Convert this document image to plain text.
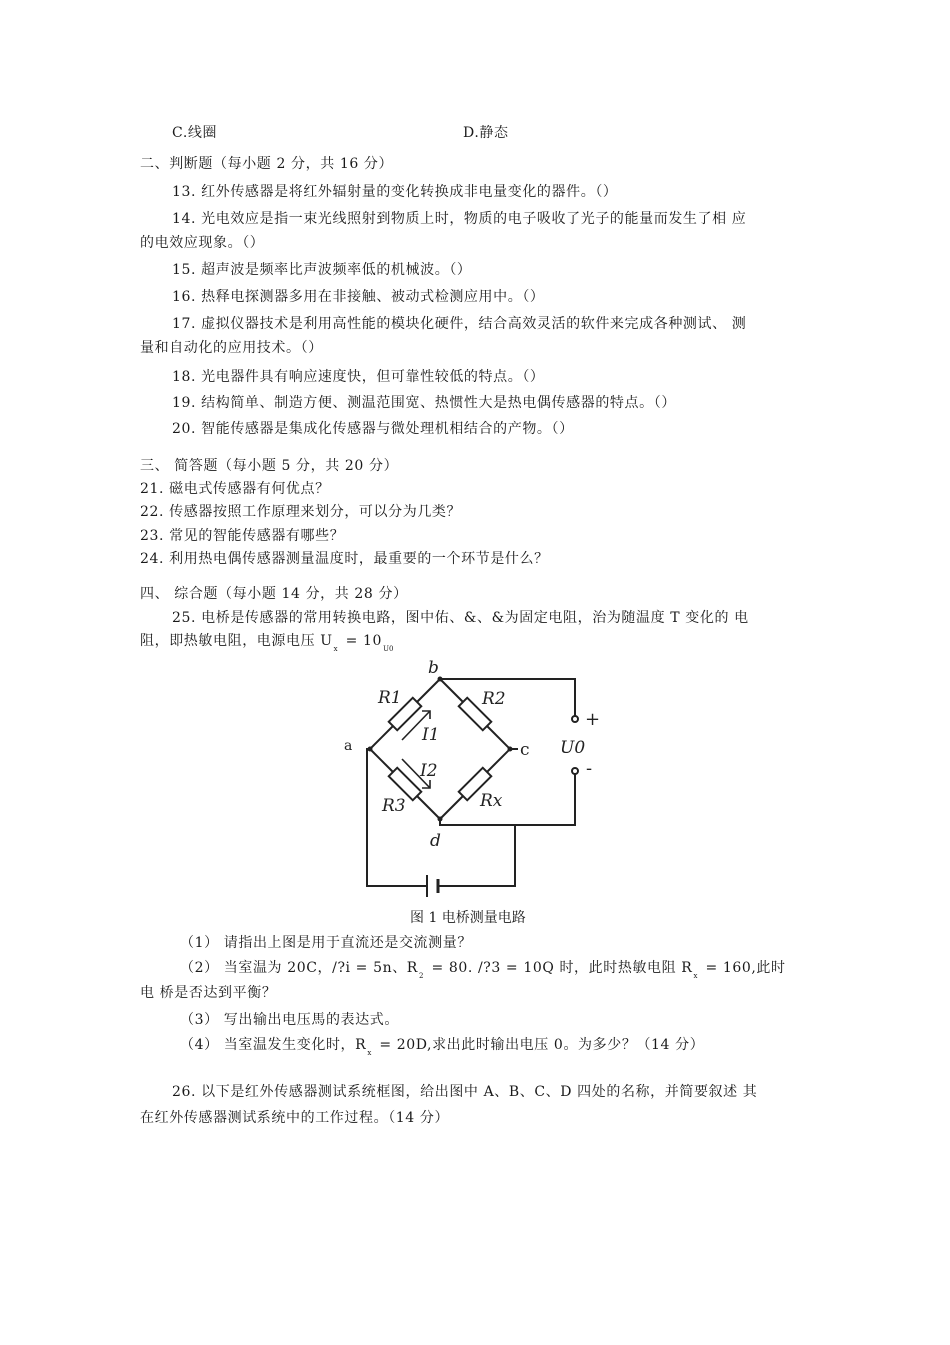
C.线圈	D.静态
二、判断题（每小题 2 分，共 16 分）
13. 红外传感器是将红外辐射量的变化转换成非电量变化的器件。（）
14. 光电效应是指一束光线照射到物质上时，物质的电子吸收了光子的能量而发生了相 应
的电效应现象。（）
15. 超声波是频率比声波频率低的机械波。（）
16. 热释电探测器多用在非接触、被动式检测应用中。（）
17. 虚拟仪器技术是利用高性能的模块化硬件，结合高效灵活的软件来完成各种测试、 测
量和自动化的应用技术。（）
18. 光电器件具有响应速度快，但可靠性较低的特点。（）
19. 结构简单、制造方便、测温范围宽、热惯性大是热电偶传感器的特点。（）
20. 智能传感器是集成化传感器与微处理机相结合的产物。（）
三、 简答题（每小题 5 分，共 20 分）
21. 磁电式传感器有何优点？
22. 传感器按照工作原理来划分，可以分为几类？
23. 常见的智能传感器有哪些？
24. 利用热电偶传感器测量温度时，最重要的一个环节是什么？
四、 综合题（每小题 14 分，共 28 分）
25. 电桥是传感器的常用转换电路，图中佑、&、&为固定电阻，治为随温度 T 变化的 电
阻，即热敏电阻，电源电压 $U_x = 10_{U0}$
b
d
R1	R2
R3	Rx
I1
I2
U0
a	c
+
-
图 1 电桥测量电路
（1） 请指出上图是用于直流还是交流测量？
（2） 当室温为 20C，/?i = 5n、$R_2 = 80$. /?3 = 10Q 时，此时热敏电阻 $R_x = 160$,此时
电 桥是否达到平衡？
（3） 写出输出电压馬的表达式。
（4） 当室温发生变化时，$R_x = 20D$,求出此时输出电压 0。为多少？（14 分）
26. 以下是红外传感器测试系统框图，给出图中 A、B、C、D 四处的名称，并简要叙述 其
在红外传感器测试系统中的工作过程。（14 分）
